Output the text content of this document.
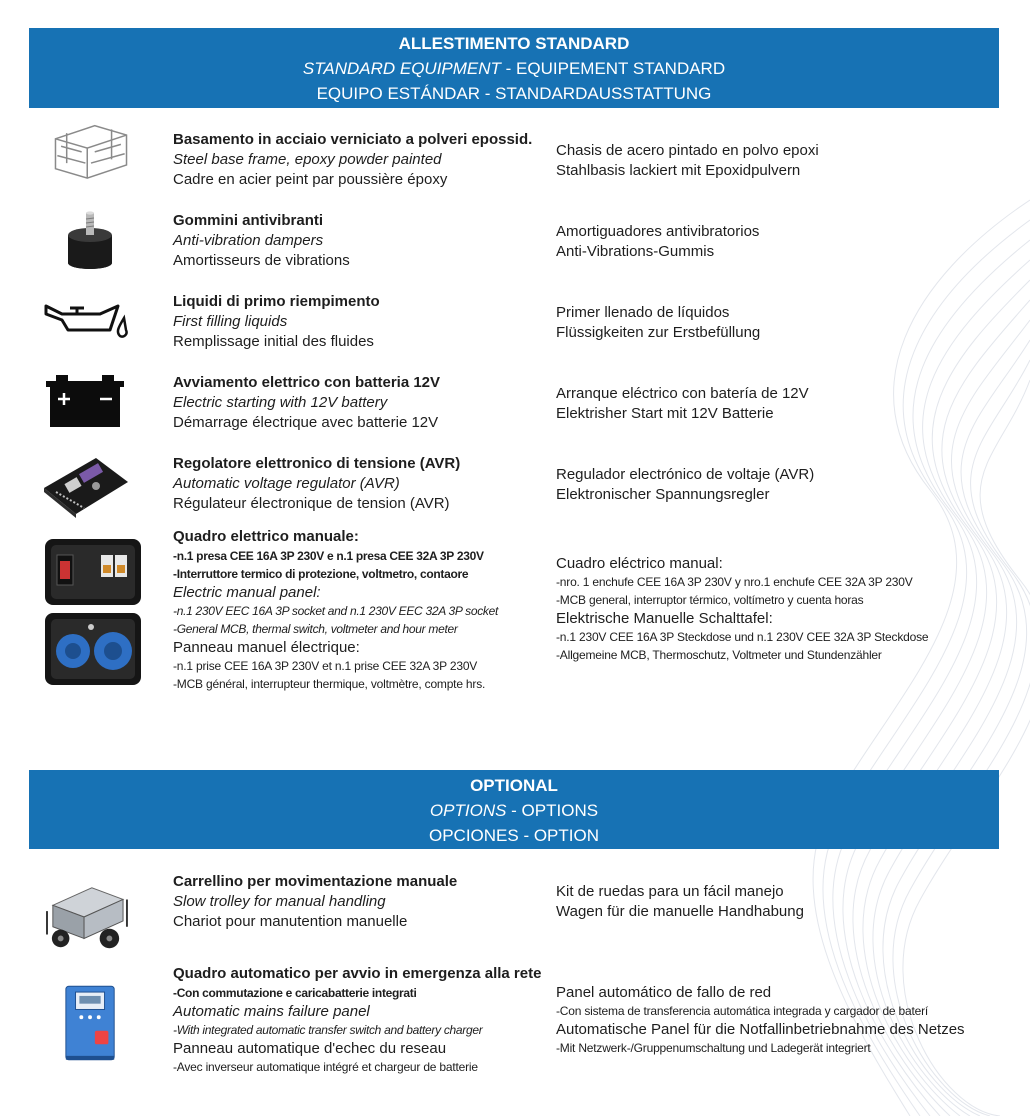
ALLESTIMENTO STANDARD
STANDARD EQUIPMENT - EQUIPEMENT STANDARD
EQUIPO ESTÁNDAR - STANDARDAUSSTATTUNG
Basamento in acciaio verniciato a polveri epossid.
Steel base frame, epoxy powder painted
Cadre en acier peint par poussière époxy
Chasis de acero pintado en polvo epoxi
Stahlbasis lackiert mit Epoxidpulvern
Gommini antivibranti
Anti-vibration dampers
Amortisseurs de vibrations
Amortiguadores antivibratorios
Anti-Vibrations-Gummis
Liquidi di primo riempimento
First filling liquids
Remplissage initial des fluides
Primer llenado de líquidos
Flüssigkeiten zur Erstbefüllung
Avviamento elettrico con batteria 12V
Electric starting with 12V battery
Démarrage électrique avec batterie 12V
Arranque eléctrico con batería de 12V
Elektrisher Start mit 12V Batterie
Regolatore elettronico di tensione (AVR)
Automatic voltage regulator (AVR)
Régulateur électronique de tension (AVR)
Regulador electrónico de voltaje (AVR)
Elektronischer Spannungsregler
Quadro elettrico manuale:
-n.1 presa CEE 16A 3P 230V e n.1 presa CEE 32A 3P 230V
-Interruttore termico di protezione, voltmetro, contaore
Electric manual panel:
-n.1 230V EEC 16A 3P socket and n.1 230V EEC 32A 3P socket
-General MCB, thermal switch, voltmeter and hour meter
Panneau manuel électrique:
-n.1 prise CEE 16A 3P 230V et n.1 prise CEE 32A 3P 230V
-MCB général, interrupteur thermique, voltmètre, compte hrs.
Cuadro eléctrico manual:
-nro. 1 enchufe CEE 16A 3P 230V y nro.1 enchufe CEE 32A 3P 230V
-MCB general, interruptor térmico, voltímetro y cuenta horas
Elektrische Manuelle Schalttafel:
-n.1 230V CEE 16A 3P Steckdose und n.1 230V CEE 32A 3P Steckdose
-Allgemeine MCB, Thermoschutz, Voltmeter und Stundenzähler
OPTIONAL
OPTIONS - OPTIONS
OPCIONES - OPTION
Carrellino per movimentazione manuale
Slow trolley for manual handling
Chariot pour manutention manuelle
Kit de ruedas para un fácil manejo
Wagen für die manuelle Handhabung
Quadro automatico per avvio in emergenza alla rete
-Con commutazione e caricabatterie integrati
Automatic mains failure panel
-With integrated automatic transfer switch and battery charger
Panneau automatique d'echec du reseau
-Avec inverseur automatique intégré et chargeur de batterie
Panel automático de fallo de red
-Con sistema de transferencia automática integrada y cargador de baterí
Automatische Panel für die Notfallinbetriebnahme des Netzes
-Mit Netzwerk-/Gruppenumschaltung und Ladegerät integriert
